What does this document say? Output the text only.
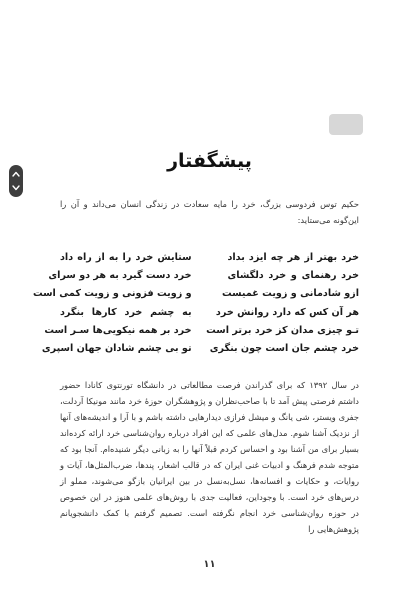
پیشگفتار

حکیم توس فردوسی بزرگ، خرد را مایه سعادت در زندگی انسان می‌داند و آن را این‌گونه می‌ستاید:

خرد بهتر از هر چه ایزد بداد
ستایش خرد را به از راه داد
خرد رهنمای و خرد دلگشای
خرد دست گیرد به هر دو سرای
ازو شادمانی و زویت غمیست
و زویت فزونی و زویت کمی است
هر آن کس که دارد روانش خرد
به چشم خرد کارها بنگرد
تـو چیزی مدان کز خرد برتر است
خرد بر همه نیکویی‌ها سـر است
خرد چشم جان است چون بنگری
تو بی چشم شادان جهان اسپری

در سال ۱۳۹۲ که برای گذراندن فرصت مطالعاتی در دانشگاه تورنتوی کانادا حضور داشتم فرصتی پیش آمد تا با صاحب‌نظران و پژوهشگران حوزهٔ خرد مانند مونیکا آردلت، جفری ویستر، شی یانگ و میشل فرازی دیدارهایی داشته باشم و با آرا و اندیشه‌های آنها از نزدیک آشنا شوم. مدل‌های علمی که این افراد درباره روان‌شناسی خرد ارائه کرده‌اند بسیار برای من آشنا بود و احساس کردم قبلاً آنها را به زبانی دیگر شنیده‌ام. آنجا بود که متوجه شدم فرهنگ و ادبیات غنی ایران که در قالب اشعار، پندها، ضرب‌المثل‌ها، آیات و روایات، و حکایات و افسانه‌ها، نسل‌به‌نسل در بین ایرانیان بازگو می‌شوند، مملو از درس‌های خرد است. با وجوداین، فعالیت جدی با روش‌های علمی هنوز در این خصوص در حوزه روان‌شناسی خرد انجام نگرفته است. تصمیم گرفتم با کمک دانشجویانم پژوهش‌هایی را

۱۱
